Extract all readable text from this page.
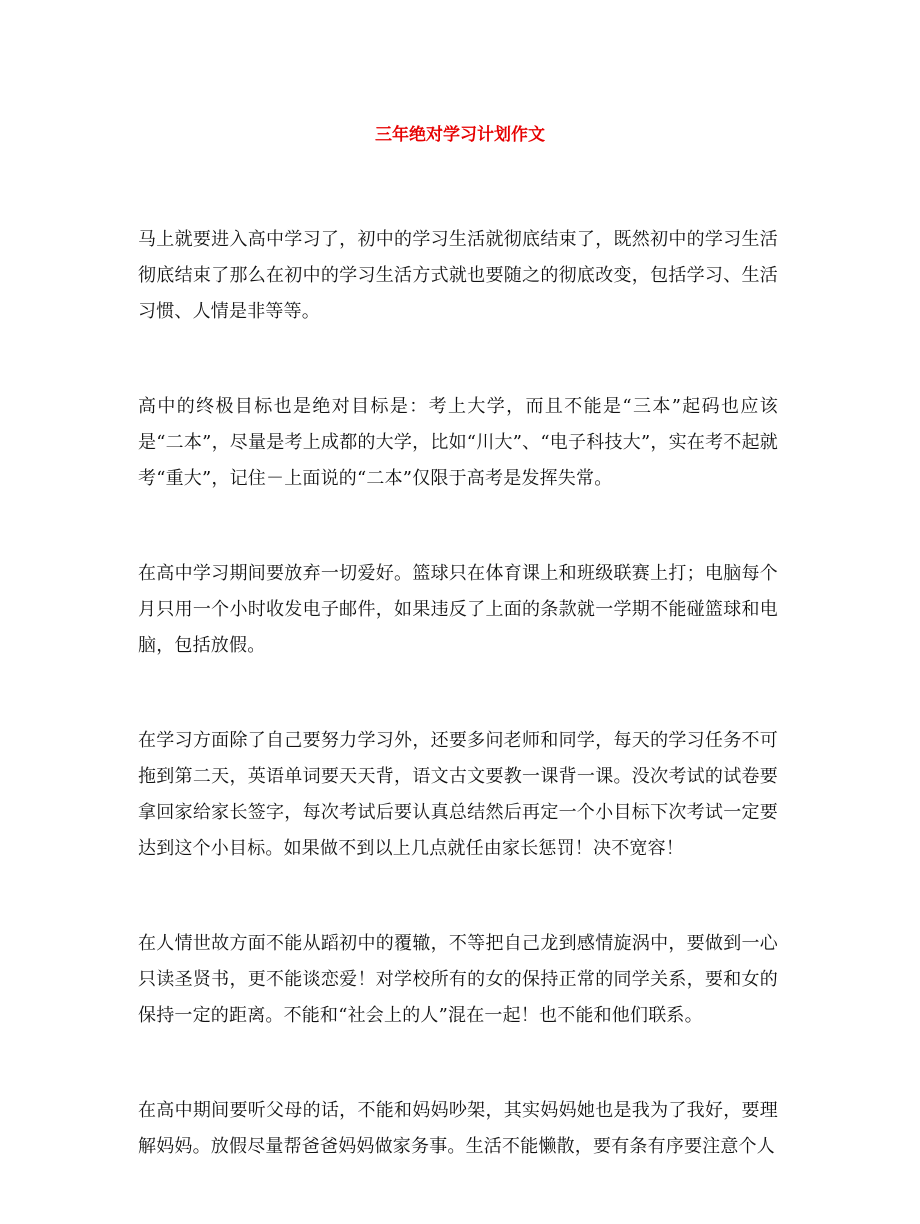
三年绝对学习计划作文

马上就要进入高中学习了，初中的学习生活就彻底结束了，既然初中的学习生活彻底结束了那么在初中的学习生活方式就也要随之的彻底改变，包括学习、生活习惯、人情是非等等。

高中的终极目标也是绝对目标是：考上大学，而且不能是“三本”起码也应该是“二本”，尽量是考上成都的大学，比如“川大”、“电子科技大”，实在考不起就考“重大”，记住－上面说的“二本”仅限于高考是发挥失常。

在高中学习期间要放弃一切爱好。篮球只在体育课上和班级联赛上打；电脑每个月只用一个小时收发电子邮件，如果违反了上面的条款就一学期不能碰篮球和电脑，包括放假。

在学习方面除了自己要努力学习外，还要多问老师和同学，每天的学习任务不可拖到第二天，英语单词要天天背，语文古文要教一课背一课。没次考试的试卷要拿回家给家长签字，每次考试后要认真总结然后再定一个小目标下次考试一定要达到这个小目标。如果做不到以上几点就任由家长惩罚！决不宽容！

在人情世故方面不能从蹈初中的覆辙，不等把自己龙到感情旋涡中，要做到一心只读圣贤书，更不能谈恋爱！对学校所有的女的保持正常的同学关系，要和女的保持一定的距离。不能和“社会上的人”混在一起！也不能和他们联系。

在高中期间要听父母的话，不能和妈妈吵架，其实妈妈她也是我为了我好，要理解妈妈。放假尽量帮爸爸妈妈做家务事。生活不能懒散，要有条有序要注意个人
